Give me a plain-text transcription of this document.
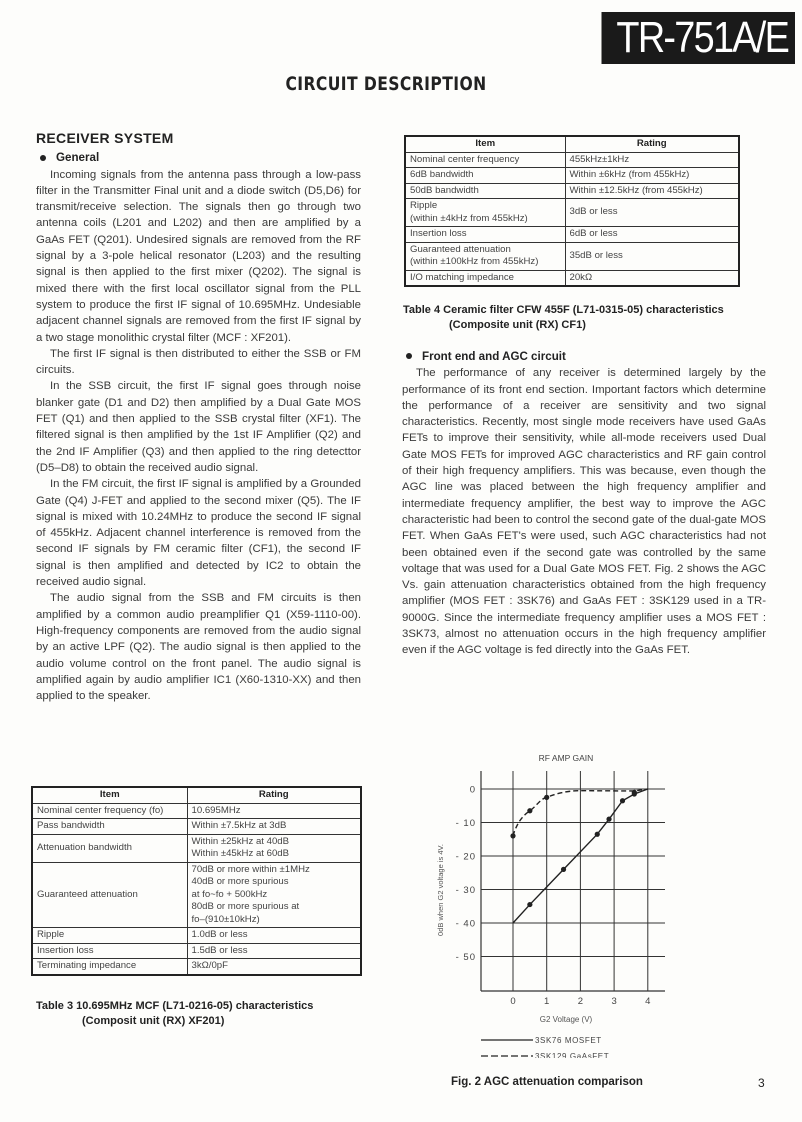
TR-751A/E
CIRCUIT DESCRIPTION
RECEIVER SYSTEM
General

Incoming signals from the antenna pass through a low-pass filter in the Transmitter Final unit and a diode switch (D5,D6) for transmit/receive selection. The signals then go through two antenna coils (L201 and L202) and then are amplified by a GaAs FET (Q201). Undesired signals are removed from the RF signal by a 3-pole helical resonator (L203) and the resulting signal is then applied to the first mixer (Q202). The signal is mixed there with the first local oscillator signal from the PLL system to produce the first IF signal of 10.695MHz. Undesiable adjacent channel signals are removed from the first IF signal by a two stage monolithic crystal filter (MCF : XF201).

The first IF signal is then distributed to either the SSB or FM circuits.

In the SSB circuit, the first IF signal goes through noise blanker gate (D1 and D2) then amplified by a Dual Gate MOS FET (Q1) and then applied to the SSB crystal filter (XF1). The filtered signal is then amplified by the 1st IF Amplifier (Q2) and the 2nd IF Amplifier (Q3) and then applied to the ring detecttor (D5–D8) to obtain the received audio signal.

In the FM circuit, the first IF signal is amplified by a Grounded Gate (Q4) J-FET and applied to the second mixer (Q5). The IF signal is mixed with 10.24MHz to produce the second IF signal of 455kHz. Adjacent channel interference is removed from the second IF signals by FM ceramic filter (CF1), the second IF signal is then amplified and detected by IC2 to obtain the received audio signal.

The audio signal from the SSB and FM circuits is then amplified by a common audio preamplifier Q1 (X59-1110-00). High-frequency components are removed from the audio signal by an active LPF (Q2). The audio signal is then applied to the audio volume control on the front panel. The audio signal is amplified again by audio amplifier IC1 (X60-1310-XX) and then applied to the speaker.

Item	Rating
Nominal center frequency (fo)	10.695MHz
Pass bandwidth	Within ±7.5kHz at 3dB
Attenuation bandwidth	Within ±25kHz at 40dB
Within ±45kHz at 60dB
Guaranteed attenuation	70dB or more within ±1MHz
40dB or more spurious
at fo~fo + 500kHz
80dB or more spurious at
fo–(910±10kHz)
Ripple	1.0dB or less
Insertion loss	1.5dB or less
Terminating impedance	3kΩ/0pF
Table 3 10.695MHz MCF (L71-0216-05) characteristics
(Composit unit (RX) XF201)
Item	Rating
Nominal center frequency	455kHz±1kHz
6dB bandwidth	Within ±6kHz (from 455kHz)
50dB bandwidth	Within ±12.5kHz (from 455kHz)
Ripple
(within ±4kHz from 455kHz)	3dB or less
Insertion loss	6dB or less
Guaranteed attenuation
(within ±100kHz from 455kHz)	35dB or less
I/O matching impedance	20kΩ
Table 4 Ceramic filter CFW 455F (L71-0315-05) characteristics
(Composite unit (RX) CF1)
Front end and AGC circuit

The performance of any receiver is determined largely by the performance of its front end section. Important factors which determine the performance of a receiver are sensitivity and two signal characteristics. Recently, most single mode receivers have used GaAs FETs to improve their sensitivity, while all-mode receivers used Dual Gate MOS FETs for improved AGC characteristics and RF gain control of their high frequency amplifiers. This was because, even though the AGC line was placed between the high frequency amplifier and intermediate frequency amplifier, the best way to improve the AGC characteristic had been to control the second gate of the dual-gate MOS FET. When GaAs FET's were used, such AGC characteristics had not been obtained even if the second gate was controlled by the same voltage that was used for a Dual Gate MOS FET. Fig. 2 shows the AGC Vs. gain attenuation characteristics obtained from the high frequency amplifier (MOS FET : 3SK76) and GaAs FET : 3SK129 used in a TR-9000G. Since the intermediate frequency amplifier uses a MOS FET : 3SK73, almost no attenuation occurs in the high frequency amplifier even if the AGC voltage is fed directly into the GaAs FET.

RF AMP GAIN
0
- 10
- 20
- 30
- 40
- 50
0	1	2	3	4
0dB when G2 voltage is 4V.
G2 Voltage (V)
3SK76 MOSFET
3SK129 GaAsFET
Fig. 2 AGC attenuation comparison	3
